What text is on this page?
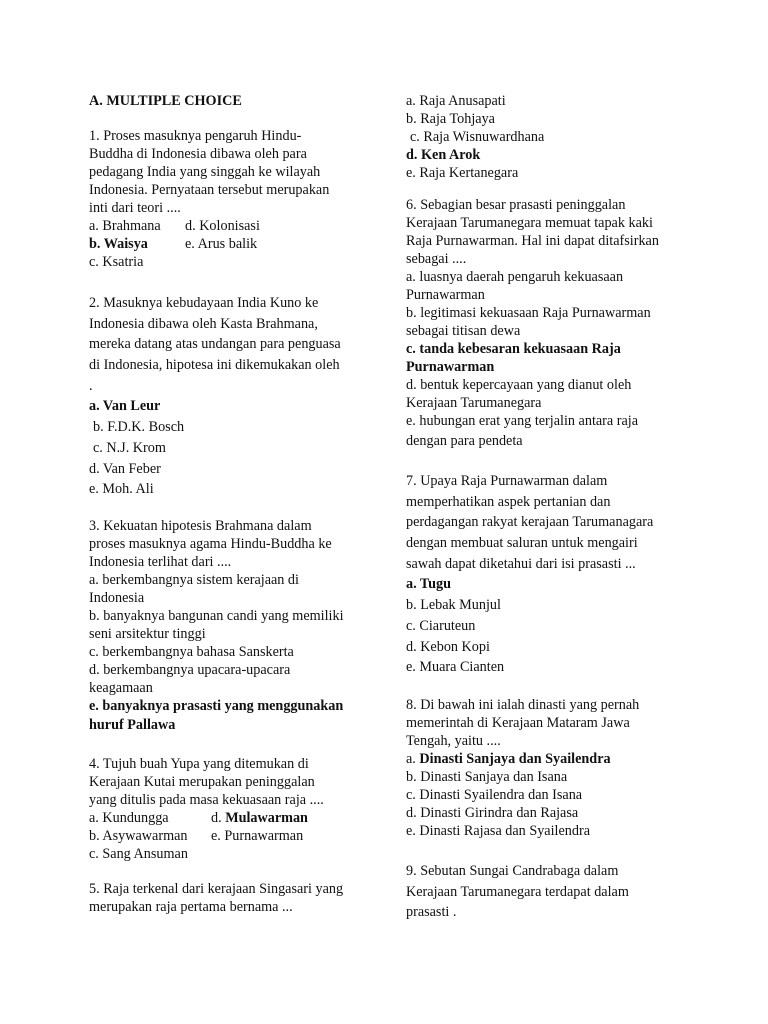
A. MULTIPLE CHOICE
1. Proses masuknya pengaruh Hindu-
Buddha di Indonesia dibawa oleh para
pedagang India yang singgah ke wilayah
Indonesia. Pernyataan tersebut merupakan
inti dari teori ....
a. Brahmana d. Kolonisasi
b. Waisya	e. Arus balik
c. Ksatria
2. Masuknya kebudayaan India Kuno ke
Indonesia dibawa oleh Kasta Brahmana,
mereka datang atas undangan para penguasa
di Indonesia, hipotesa ini dikemukakan oleh
.
a. Van Leur
b. F.D.K. Bosch
c. N.J. Krom
d. Van Feber
e. Moh. Ali
3. Kekuatan hipotesis Brahmana dalam
proses masuknya agama Hindu-Buddha ke
Indonesia terlihat dari ....
a. berkembangnya sistem kerajaan di
Indonesia
b. banyaknya bangunan candi yang memiliki
seni arsitektur tinggi
c. berkembangnya bahasa Sanskerta
d. berkembangnya upacara-upacara
keagamaan
e. banyaknya prasasti yang menggunakan
huruf Pallawa
4. Tujuh buah Yupa yang ditemukan di
Kerajaan Kutai merupakan peninggalan
yang ditulis pada masa kekuasaan raja ....
a. Kundungga	d. Mulawarman
b. Asywawarman e. Purnawarman
c. Sang Ansuman
5. Raja terkenal dari kerajaan Singasari yang
merupakan raja pertama bernama ...
a. Raja Anusapati
b. Raja Tohjaya
c. Raja Wisnuwardhana
d. Ken Arok
e. Raja Kertanegara
6. Sebagian besar prasasti peninggalan
Kerajaan Tarumanegara memuat tapak kaki
Raja Purnawarman. Hal ini dapat ditafsirkan
sebagai ....
a. luasnya daerah pengaruh kekuasaan
Purnawarman
b. legitimasi kekuasaan Raja Purnawarman
sebagai titisan dewa
c. tanda kebesaran kekuasaan Raja
Purnawarman
d. bentuk kepercayaan yang dianut oleh
Kerajaan Tarumanegara
e. hubungan erat yang terjalin antara raja
dengan para pendeta
7. Upaya Raja Purnawarman dalam
memperhatikan aspek pertanian dan
perdagangan rakyat kerajaan Tarumanagara
dengan membuat saluran untuk mengairi
sawah dapat diketahui dari isi prasasti ...
a. Tugu
b. Lebak Munjul
c. Ciaruteun
d. Kebon Kopi
e. Muara Cianten
8. Di bawah ini ialah dinasti yang pernah
memerintah di Kerajaan Mataram Jawa
Tengah, yaitu ....
a. Dinasti Sanjaya dan Syailendra
b. Dinasti Sanjaya dan Isana
c. Dinasti Syailendra dan Isana
d. Dinasti Girindra dan Rajasa
e. Dinasti Rajasa dan Syailendra
9. Sebutan Sungai Candrabaga dalam
Kerajaan Tarumanegara terdapat dalam
prasasti .
